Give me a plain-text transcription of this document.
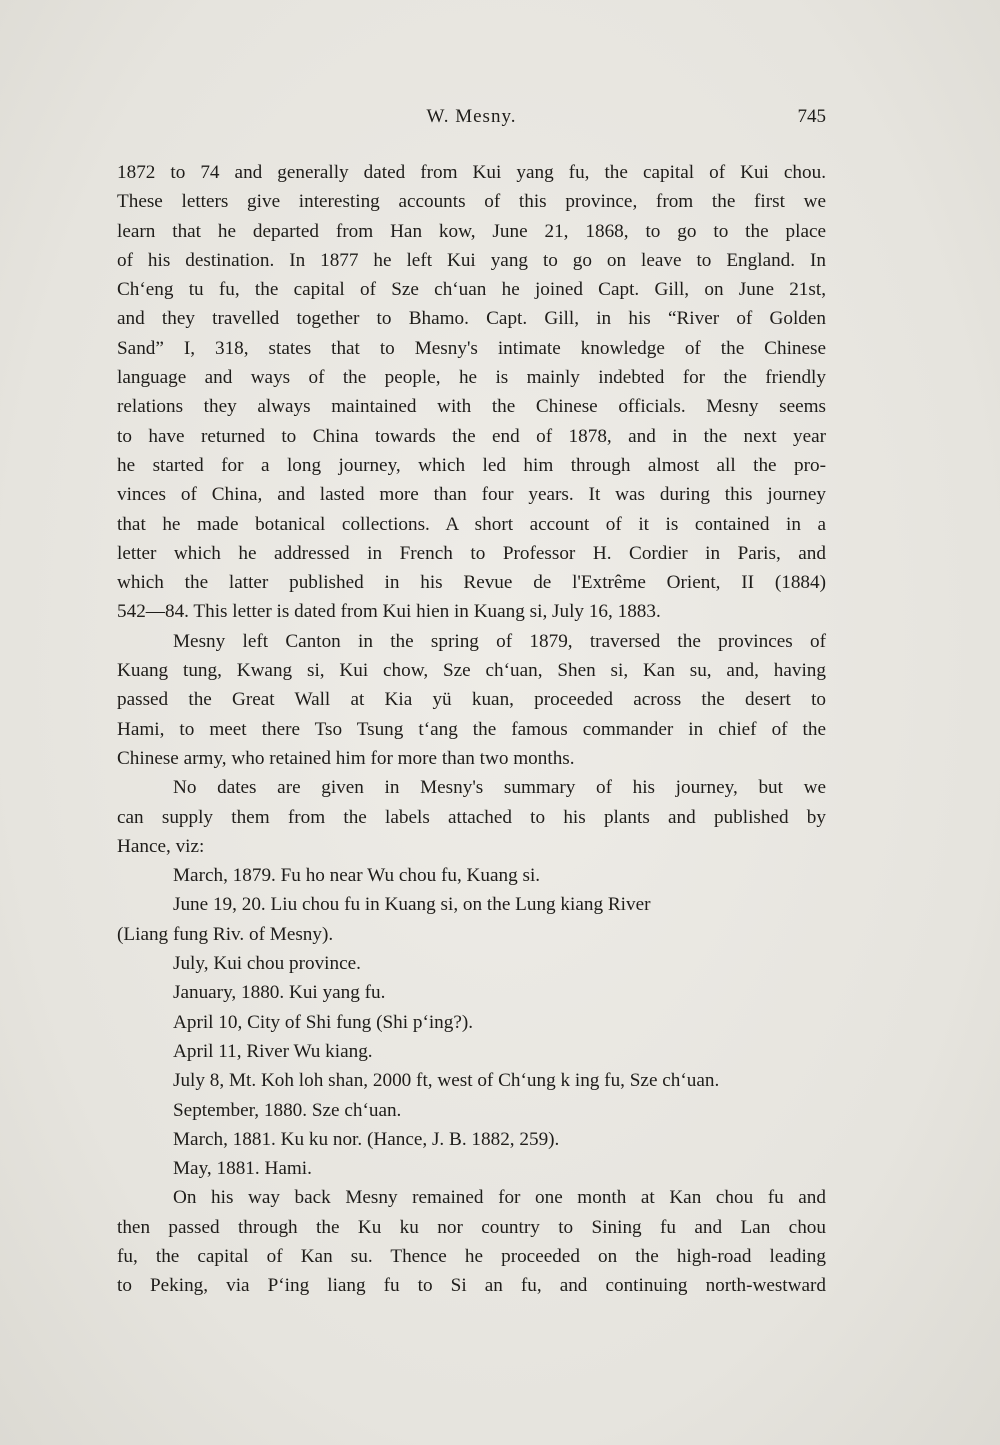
W. Mesny.	745
1872 to 74 and generally dated from Kui yang fu, the capital of Kui chou.
These letters give interesting accounts of this province, from the first we
learn that he departed from Han kow, June 21, 1868, to go to the place
of his destination. In 1877 he left Kui yang to go on leave to England. In
Ch‘eng tu fu, the capital of Sze ch‘uan he joined Capt. Gill, on June 21st,
and they travelled together to Bhamo. Capt. Gill, in his “River of Golden
Sand” I, 318, states that to Mesny's intimate knowledge of the Chinese
language and ways of the people, he is mainly indebted for the friendly
relations they always maintained with the Chinese officials. Mesny seems
to have returned to China towards the end of 1878, and in the next year
he started for a long journey, which led him through almost all the pro-
vinces of China, and lasted more than four years. It was during this journey
that he made botanical collections. A short account of it is contained in a
letter which he addressed in French to Professor H. Cordier in Paris, and
which the latter published in his Revue de l'Extrême Orient, II (1884)
542—84. This letter is dated from Kui hien in Kuang si, July 16, 1883.
Mesny left Canton in the spring of 1879, traversed the provinces of
Kuang tung, Kwang si, Kui chow, Sze ch‘uan, Shen si, Kan su, and, having
passed the Great Wall at Kia yü kuan, proceeded across the desert to
Hami, to meet there Tso Tsung t‘ang the famous commander in chief of the
Chinese army, who retained him for more than two months.
No dates are given in Mesny's summary of his journey, but we
can supply them from the labels attached to his plants and published by
Hance, viz:
March, 1879. Fu ho near Wu chou fu, Kuang si.
June 19, 20. Liu chou fu in Kuang si, on the Lung kiang River
(Liang fung Riv. of Mesny).
July, Kui chou province.
January, 1880. Kui yang fu.
April 10, City of Shi fung (Shi p‘ing?).
April 11, River Wu kiang.
July 8, Mt. Koh loh shan, 2000 ft, west of Ch‘ung k ing fu, Sze ch‘uan.
September, 1880. Sze ch‘uan.
March, 1881. Ku ku nor. (Hance, J. B. 1882, 259).
May, 1881. Hami.
On his way back Mesny remained for one month at Kan chou fu and
then passed through the Ku ku nor country to Sining fu and Lan chou
fu, the capital of Kan su. Thence he proceeded on the high-road leading
to Peking, via P‘ing liang fu to Si an fu, and continuing north-westward
